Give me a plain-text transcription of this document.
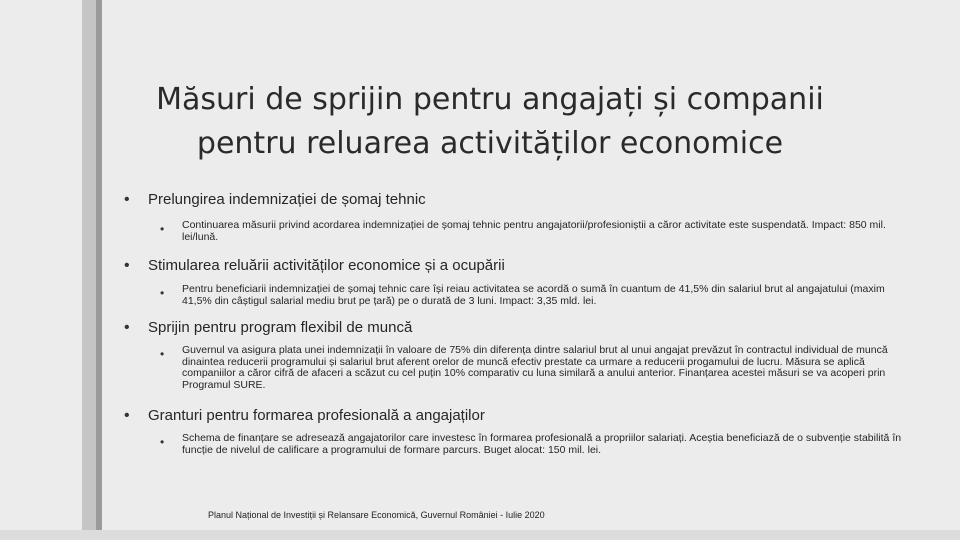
Măsuri de sprijin pentru angajați și companii
pentru reluarea activităților economice
• Prelungirea indemnizației de șomaj tehnic
• Continuarea măsurii privind acordarea indemnizației de șomaj tehnic pentru angajatorii/profesioniștii a căror activitate este suspendată. Impact: 850 mil. lei/lună.
• Stimularea reluării activităților economice și a ocupării
• Pentru beneficiarii indemnizației de șomaj tehnic care își reiau activitatea se acordă o sumă în cuantum de 41,5% din salariul brut al angajatului (maxim 41,5% din câștigul salarial mediu brut pe țară) pe o durată de 3 luni. Impact: 3,35 mld. lei.
• Sprijin pentru program flexibil de muncă
• Guvernul va asigura plata unei indemnizații în valoare de 75% din diferența dintre salariul brut al unui angajat prevăzut în contractul individual de muncă dinaintea reducerii programului și salariul brut aferent orelor de muncă efectiv prestate ca urmare a reducerii progamului de lucru. Măsura se aplică companiilor a căror cifră de afaceri a scăzut cu cel puțin 10% comparativ cu luna similară a anului anterior. Finanțarea acestei măsuri se va acoperi prin Programul SURE.
• Granturi pentru formarea profesională a angajaților
• Schema de finanțare se adresează angajatorilor care investesc în formarea profesională a propriilor salariați. Aceștia beneficiază de o subvenție stabilită în funcție de nivelul de calificare a programului de formare parcurs. Buget alocat: 150 mil. lei.
Planul Național de Investiții și Relansare Economică, Guvernul României - Iulie 2020
